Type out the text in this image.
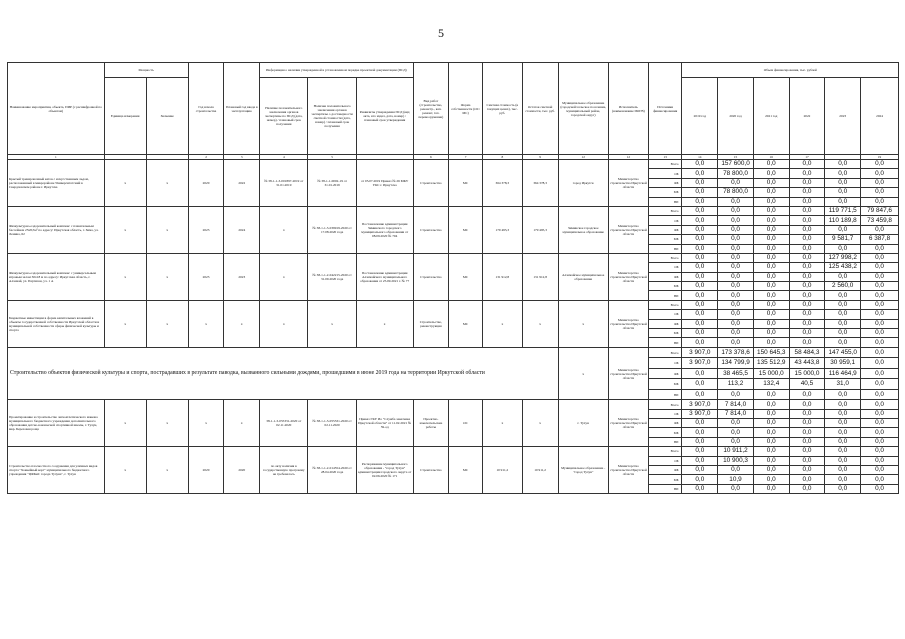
5
Наименование мероприятия, объекта, ПИР (с расшифровкой по объектам)	Мощность		Год начала строительства	Плановый год ввода в эксплуатацию	Информация о наличии утвержденной в установленном порядке проектной документации (ПСД)			Вид работ (строительство, реконстр., кап. ремонт, тех. перевооружение)	Форма собственности (ОС/ МС)	Сметная стоимость (в текущих ценах), тыс. руб.	Остаток сметной стоимости, тыс. руб.	Муниципальное образование (городской/сельское поселение, муниципальный район, городской округ)	Исполнитель (наименование ИОГВ)	Источники финансирования	Объем финансирования, тыс. рублей					
	Единица измерения	Значение			Наличие положительного заключения органов экспертизы по ПСД (дата, номер) / плановый срок получения	Наличие положительного заключения органов экспертизы о достоверности сметной стоимости (дата, номер) / плановый срок получения	Реквизиты утверждения ПСД (вид акта, кто издал, дата, номер) / плановый срок утверждения								2019 год	2020 год	2021 год	2022	2023	2024
1			2	3	4	5		6	7	8	9	12	12	13	14	15	16	17		19
Крытый тренировочный каток с искусственным льдом, расположенный в микрорайоне Университетский в Свердловском районе г. Иркутска	х	х	2020	2022	№ 38-1-1-3-001897-2019 от 31.01.2019	№ 38-1-1-0002-19 от 31.01.2019	от 05.07.2019 Приказ № 26 МКУ УКС г. Иркутска	Строительство	МС	364 378,3	364 378,3	город Иркутск	Министерство строительства Иркутской области	Всего	0,0	157 600,0	0,0	0,0	0,0	0,0
														ОБ	0,0	78 800,0	0,0	0,0	0,0	0,0
														ФБ	0,0	0,0	0,0	0,0	0,0	0,0
														МБ	0,0	78 800,0	0,0	0,0	0,0	0,0
														ВИ	0,0	0,0	0,0	0,0	0,0	0,0
Физкультурно-оздоровительный комплекс с плавательным бассейном 25х8,5м² по адресу: Иркутская область, г. Зима, ул. Ленина, 62	х	х	2023	2024	х	№ 38-1-1-3-039919-2020 от 17.08.2020 года	Постановление администрации Зиминского городского муниципального образования от 08.09.2020 № 704	Строительство	МС	179 495,3	179 495,3	Зиминское городское муниципальное образование	Министерство строительства Иркутской области	Всего	0,0	0,0	0,0	0,0	119 771,5	79 847,6
														ОБ	0,0	0,0	0,0	0,0	110 189,8	73 459,8
														ФБ	0,0	0,0	0,0	0,0	0,0	0,0
														МБ	0,0	0,0	0,0	0,0	9 581,7	6 387,8
														ВИ	0,0	0,0	0,0	0,0	0,0	0,0
Физкультурно-оздоровительный комплекс с универсальным игровым залом 30х18 м по адресу: Иркутская область, г. Алзамай, ул. Партизан, уч. 1 А	х	х	2023	2023	х	№ 38-1-1-2-042215-2020 от 31.09.2020 года	Постановление администрации Алзамайского муниципального образования от 25.09.2021 г. № 77	Строительство	МС	131 912,8	131 912,8	Алзамайское муниципальное образование	Министерство строительства Иркутской области	Всего	0,0	0,0	0,0	0,0	127 998,2	0,0
														ОБ	0,0	0,0	0,0	0,0	125 438,2	0,0
														ФБ	0,0	0,0	0,0	0,0	0,0	0,0
														МБ	0,0	0,0	0,0	0,0	2 560,0	0,0
														ВИ	0,0	0,0	0,0	0,0	0,0	0,0
Бюджетные инвестиции в форме капитальных вложений в объекты государственной собственности Иркутской области и муниципальной собственности сферы физической культуры и спорта	х	х	х	х	х	х	х	Строительство, реконструкция	МС	х	х	х	Министерство строительства Иркутской области	Всего	0,0	0,0	0,0	0,0	0,0	0,0
														ОБ	0,0	0,0	0,0	0,0	0,0	0,0
														ФБ	0,0	0,0	0,0	0,0	0,0	0,0
														МБ	0,0	0,0	0,0	0,0	0,0	0,0
														ВИ	0,0	0,0	0,0	0,0	0,0	0,0
Строительство объектов физической культуры и спорта, пострадавших в результате паводка, вызванного сильными дождями, прошедшими в июне 2019 года на территории Иркутской области												х	Министерство строительства Иркутской области	Всего	3 907,0	173 378,6	150 645,3	58 484,3	147 455,0	0,0
														ОБ	3 907,0	134 799,9	135 512,9	43 443,8	30 959,1	0,0
														ФБ	0,0	38 465,5	15 000,0	15 000,0	116 464,9	0,0
														МБ	0,0	113,2	132,4	40,5	31,0	0,0
														ВИ	0,0	0,0	0,0	0,0	0,0	0,0
Проектирование и строительство легкоатлетического манежа муниципального бюджетного учреждения дополнительного образования детско-юношеской спортивной школы, г. Тулун, мкр. Березовая роща	х	х	х	х	38-1-1-3-055331-2020 от 02.11.2020	№ 38-1-1-3-055331-2020 от 02.11.2020	Приказ ГКУ Ио "Служба заказчика Иркутской области" от 11.02.2021 № 59-од	Проектно-изыскательские работы	ОС	х	х	г. Тулун	Министерство строительства Иркутской области	Всего	3 907,0	7 814,0	0,0	0,0	0,0	0,0
														ОБ	3 907,0	7 814,0	0,0	0,0	0,0	0,0
														ФБ	0,0	0,0	0,0	0,0	0,0	0,0
														МБ	0,0	0,0	0,0	0,0	0,0	0,0
														ВИ	0,0	0,0	0,0	0,0	0,0	0,0
Строительство плоскостного сооружения для уличных видов спорта "Хоккейный корт" муниципального бюджетного учреждения "ЦФКиС города Тулуна", г. Тулун	х	х	2020	2020	по акту наличия в государственную программу не требовалось	№ 38-1-1-2-014554-2020 от 28.04.2020 года	Распоряжение муниципального образования - "город Тулун" администрации городского округа от 02.06.2020 № 171	Строительство	МС	10 911,2	10 911,2	Муниципальное образование - "город Тулун"	Министерство строительства Иркутской области	Всего	0,0	10 911,2	0,0	0,0	0,0	0,0
														ОБ	0,0	10 900,3	0,0	0,0	0,0	0,0
														ФБ	0,0	0,0	0,0	0,0	0,0	0,0
														МБ	0,0	10,9	0,0	0,0	0,0	0,0
														ВИ	0,0	0,0	0,0	0,0	0,0	0,0
